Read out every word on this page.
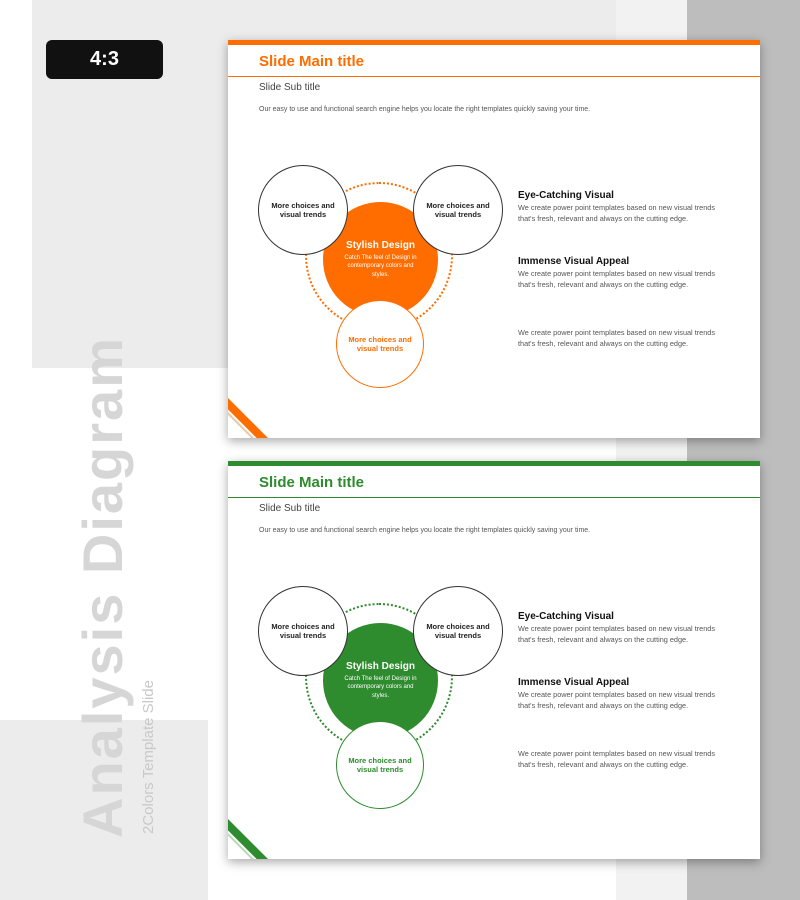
4:3
Analysis Diagram 2Colors Template Slide
Slide Main title
Slide Sub title
Our easy to use and functional search engine helps you locate the right templates quickly saving your time.
Stylish Design
Catch The feel of Design in contemporary colors and styles.
More choices and visual trends
More choices and visual trends
More choices and visual trends
Eye-Catching Visual
We create power point templates based on new visual trends that's fresh, relevant and always on the cutting edge.
Immense Visual Appeal
We create power point templates based on new visual trends that's fresh, relevant and always on the cutting edge.
We create power point templates based on new visual trends that's fresh, relevant and always on the cutting edge.
Slide Main title
Slide Sub title
Our easy to use and functional search engine helps you locate the right templates quickly saving your time.
Stylish Design
Catch The feel of Design in contemporary colors and styles.
More choices and visual trends
More choices and visual trends
More choices and visual trends
Eye-Catching Visual
We create power point templates based on new visual trends that's fresh, relevant and always on the cutting edge.
Immense Visual Appeal
We create power point templates based on new visual trends that's fresh, relevant and always on the cutting edge.
We create power point templates based on new visual trends that's fresh, relevant and always on the cutting edge.
